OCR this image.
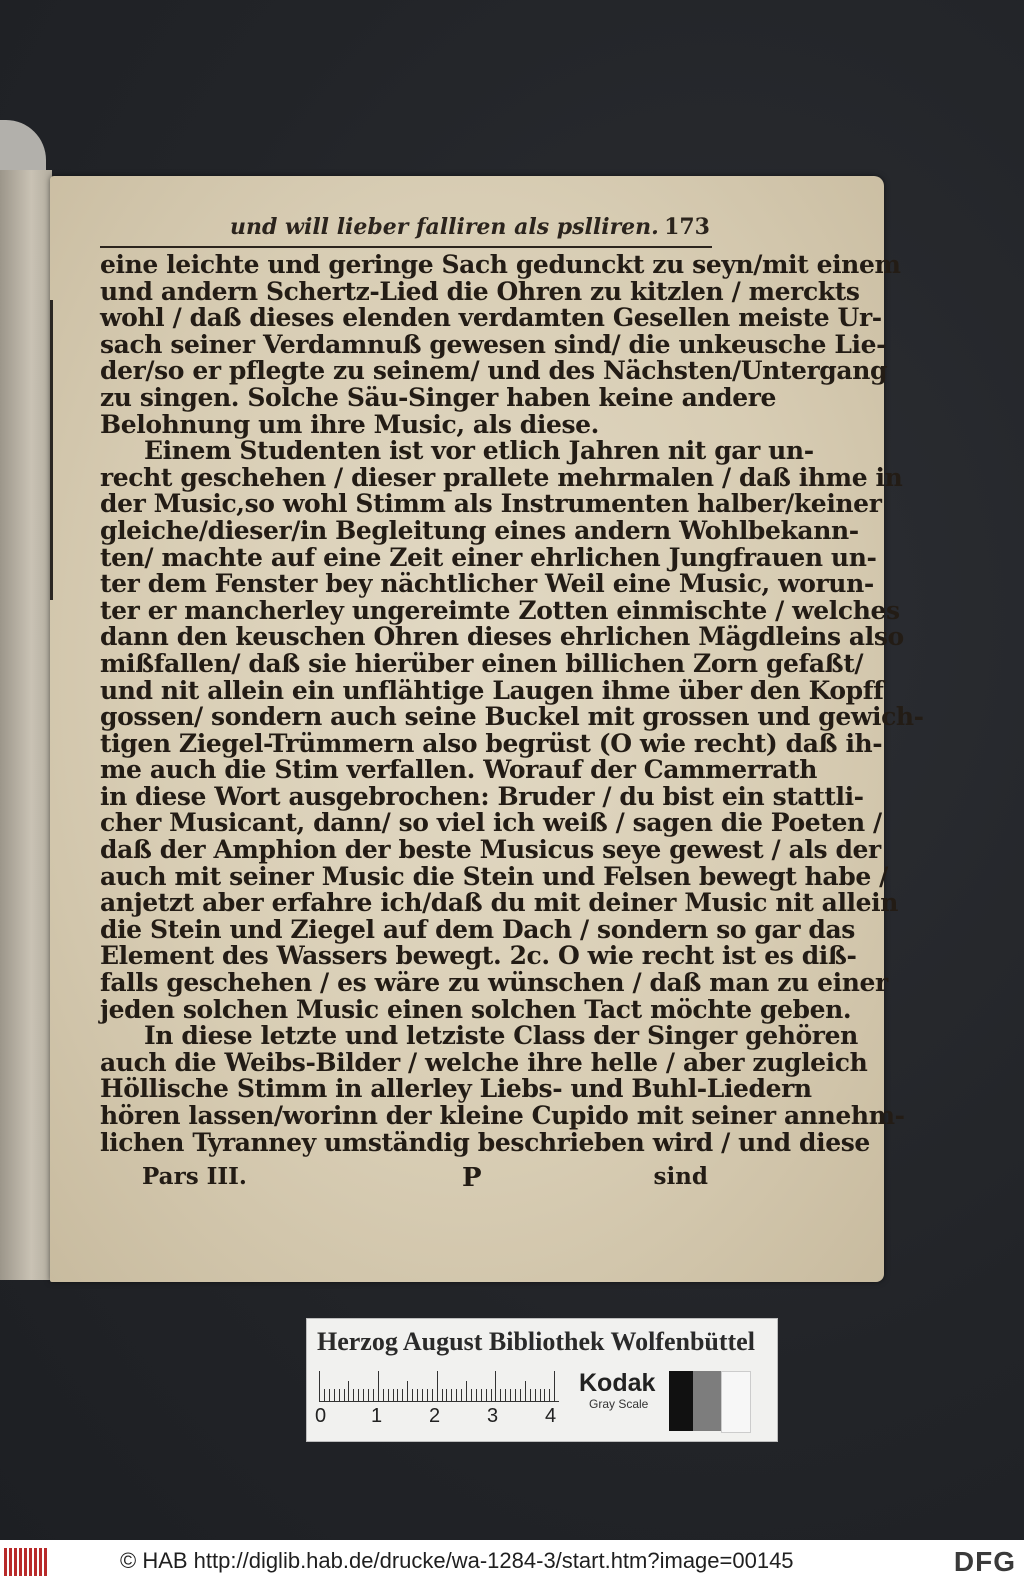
und will lieber falliren als pslliren. 173
eine leichte und geringe Sach gedunckt zu seyn/mit einem
und andern Schertz-Lied die Ohren zu kitzlen / merckts
wohl / daß dieses elenden verdamten Gesellen meiste Ur-
sach seiner Verdamnuß gewesen sind/ die unkeusche Lie-
der/so er pflegte zu seinem/ und des Nächsten/Untergang
zu singen. Solche Säu-Singer haben keine andere
Belohnung um ihre Music, als diese.
Einem Studenten ist vor etlich Jahren nit gar un-
recht geschehen / dieser prallete mehrmalen / daß ihme in
der Music,so wohl Stimm als Instrumenten halber/keiner
gleiche/dieser/in Begleitung eines andern Wohlbekann-
ten/ machte auf eine Zeit einer ehrlichen Jungfrauen un-
ter dem Fenster bey nächtlicher Weil eine Music, worun-
ter er mancherley ungereimte Zotten einmischte / welches
dann den keuschen Ohren dieses ehrlichen Mägdleins also
mißfallen/ daß sie hierüber einen billichen Zorn gefaßt/
und nit allein ein unflähtige Laugen ihme über den Kopff
gossen/ sondern auch seine Buckel mit grossen und gewich-
tigen Ziegel-Trümmern also begrüst (O wie recht) daß ih-
me auch die Stim verfallen. Worauf der Cammerrath
in diese Wort ausgebrochen: Bruder / du bist ein stattli-
cher Musicant, dann/ so viel ich weiß / sagen die Poeten /
daß der Amphion der beste Musicus seye gewest / als der
auch mit seiner Music die Stein und Felsen bewegt habe /
anjetzt aber erfahre ich/daß du mit deiner Music nit allein
die Stein und Ziegel auf dem Dach / sondern so gar das
Element des Wassers bewegt. 2c. O wie recht ist es diß-
falls geschehen / es wäre zu wünschen / daß man zu einer
jeden solchen Music einen solchen Tact möchte geben.
In diese letzte und letziste Class der Singer gehören
auch die Weibs-Bilder / welche ihre helle / aber zugleich
Höllische Stimm in allerley Liebs- und Buhl-Liedern
hören lassen/worinn der kleine Cupido mit seiner annehm-
lichen Tyranney umständig beschrieben wird / und diese
Pars III.	P	sind
Herzog August Bibliothek Wolfenbüttel
0 1 2 3 4
Kodak
Gray Scale
© HAB http://diglib.hab.de/drucke/wa-1284-3/start.htm?image=00145	DFG
